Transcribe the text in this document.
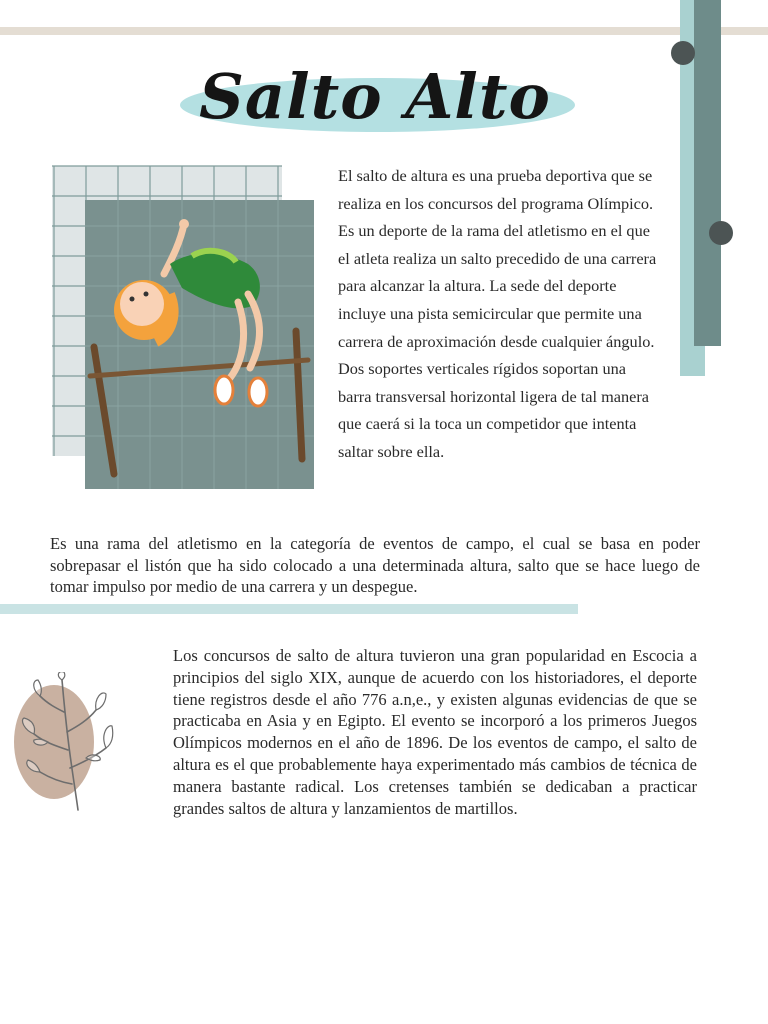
Salto Alto

El salto de altura es una prueba deportiva que se realiza en los concursos del programa Olímpico. Es un deporte de la rama del atletismo en el que el atleta realiza un salto precedido de una carrera para alcanzar la altura. La sede del deporte incluye una pista semicircular que permite una carrera de aproximación desde cualquier ángulo. Dos soportes verticales rígidos soportan una barra transversal horizontal ligera de tal manera que caerá si la toca un competidor que intenta saltar sobre ella.

Es una rama del atletismo en la categoría de eventos de campo, el cual se basa en poder sobrepasar el listón que ha sido colocado a una determinada altura, salto que se hace luego de tomar impulso por medio de una carrera y un despegue.

Los concursos de salto de altura tuvieron una gran popularidad en Escocia a principios del siglo XIX, aunque de acuerdo con los historiadores, el deporte tiene registros desde el año 776 a.n,e., y existen algunas evidencias de que se practicaba en Asia y en Egipto. El evento se incorporó a los primeros Juegos Olímpicos modernos en el año de 1896. De los eventos de campo, el salto de altura es el que probablemente haya experimentado más cambios de técnica de manera bastante radical. Los cretenses también se dedicaban a practicar grandes saltos de altura y lanzamientos de martillos.
